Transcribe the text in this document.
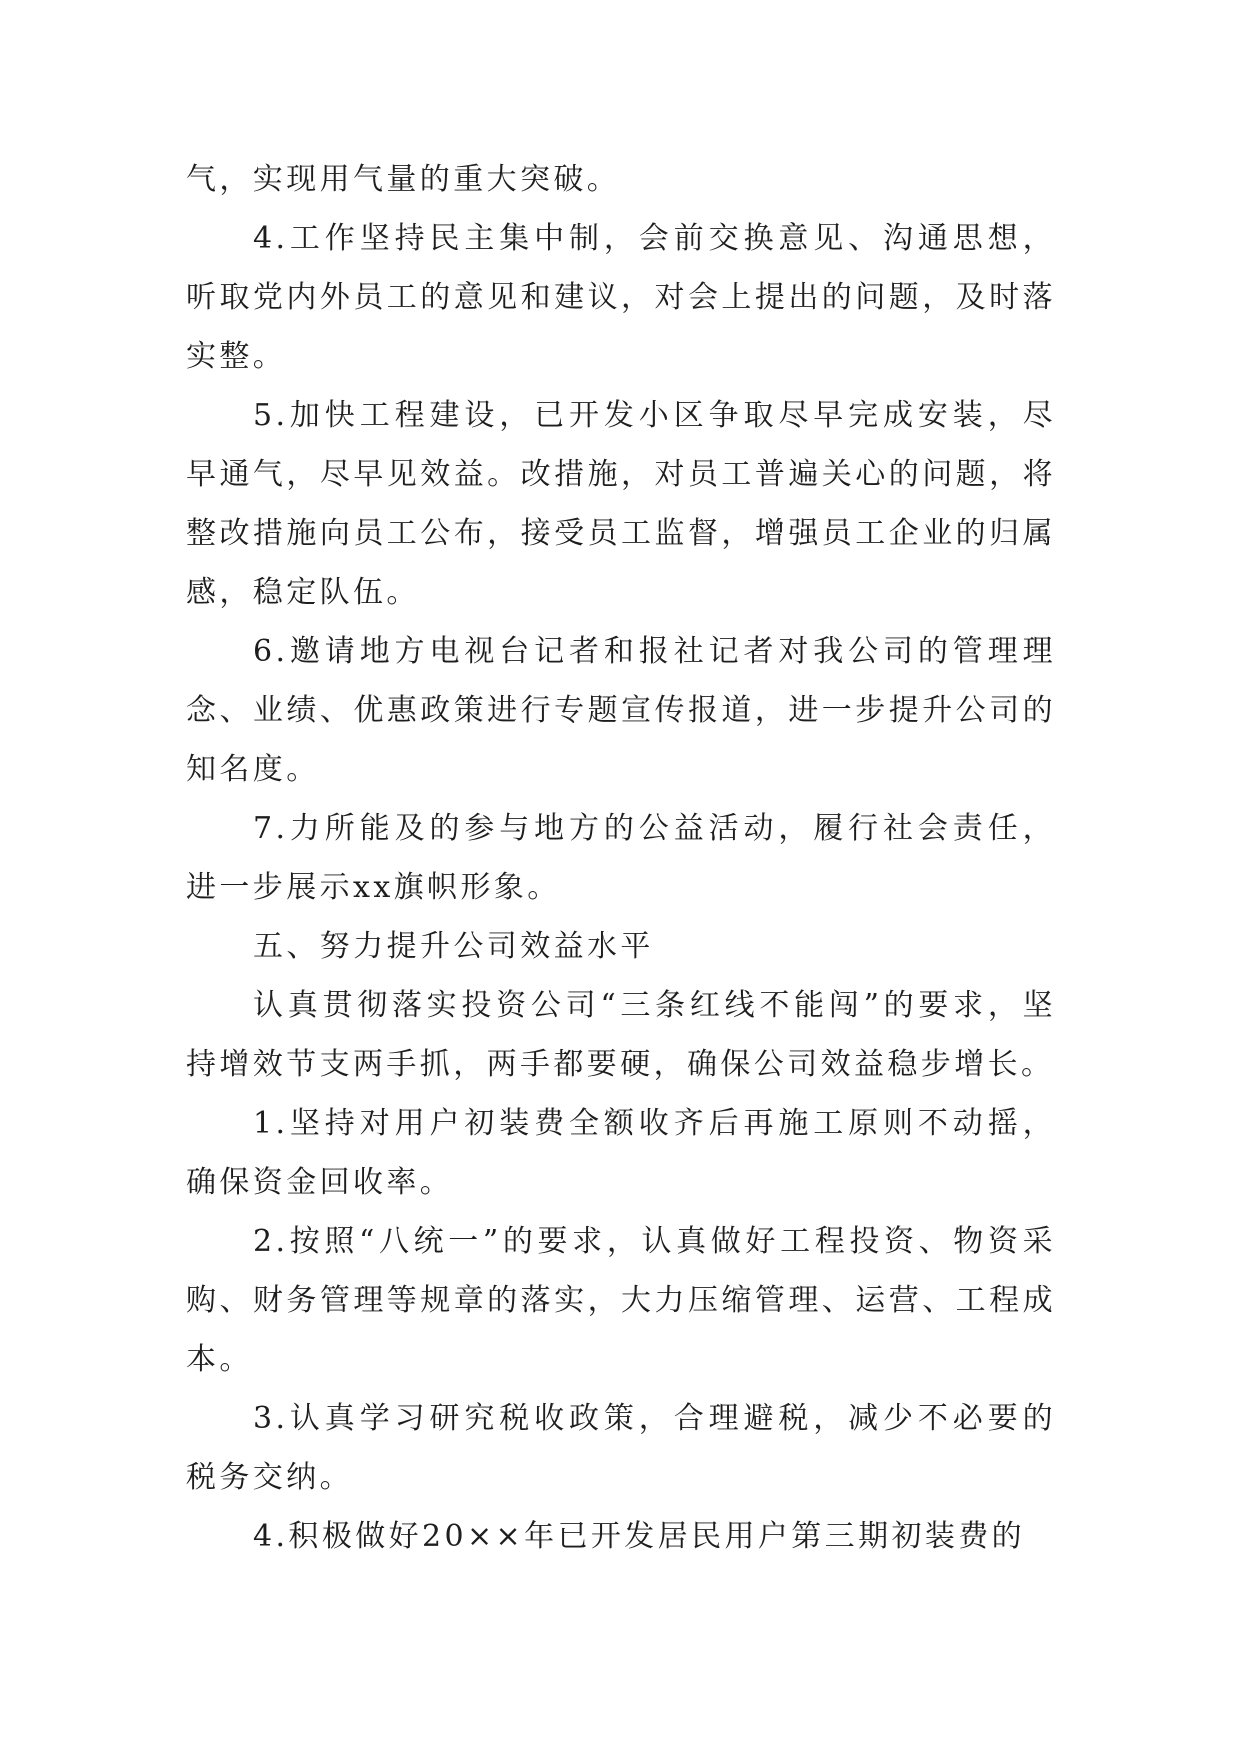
气，实现用气量的重大突破。

4.工作坚持民主集中制，会前交换意见、沟通思想，听取党内外员工的意见和建议，对会上提出的问题，及时落实整。

5.加快工程建设，已开发小区争取尽早完成安装，尽早通气，尽早见效益。改措施，对员工普遍关心的问题，将整改措施向员工公布，接受员工监督，增强员工企业的归属感，稳定队伍。

6.邀请地方电视台记者和报社记者对我公司的管理理念、业绩、优惠政策进行专题宣传报道，进一步提升公司的知名度。

7.力所能及的参与地方的公益活动，履行社会责任，进一步展示xx旗帜形象。

五、努力提升公司效益水平

认真贯彻落实投资公司“三条红线不能闯”的要求，坚持增效节支两手抓，两手都要硬，确保公司效益稳步增长。

1.坚持对用户初装费全额收齐后再施工原则不动摇，确保资金回收率。

2.按照“八统一”的要求，认真做好工程投资、物资采购、财务管理等规章的落实，大力压缩管理、运营、工程成本。

3.认真学习研究税收政策，合理避税，减少不必要的税务交纳。

4.积极做好20××年已开发居民用户第三期初装费的
